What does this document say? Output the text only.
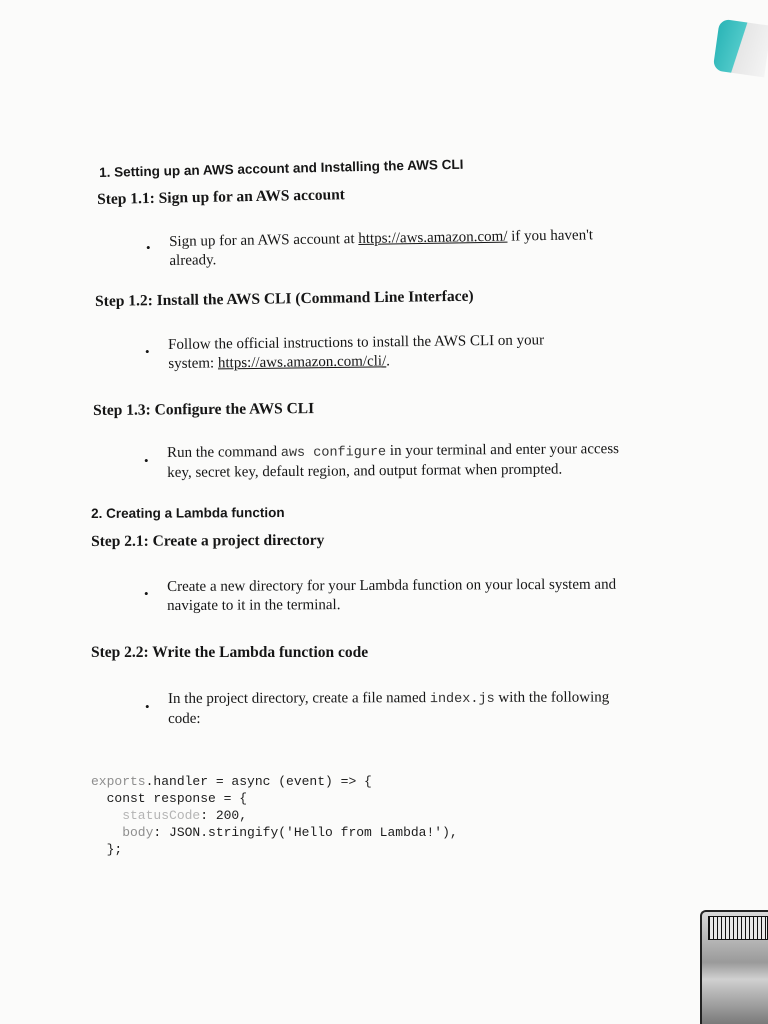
1. Setting up an AWS account and Installing the AWS CLI
Step 1.1: Sign up for an AWS account
• Sign up for an AWS account at https://aws.amazon.com/ if you haven't
already.
Step 1.2: Install the AWS CLI (Command Line Interface)
• Follow the official instructions to install the AWS CLI on your
system: https://aws.amazon.com/cli/.
Step 1.3: Configure the AWS CLI
• Run the command aws configure in your terminal and enter your access
key, secret key, default region, and output format when prompted.
2. Creating a Lambda function
Step 2.1: Create a project directory
• Create a new directory for your Lambda function on your local system and
navigate to it in the terminal.
Step 2.2: Write the Lambda function code
• In the project directory, create a file named index.js with the following
code:

exports.handler = async (event) => {
const response = {
statusCode: 200,
body: JSON.stringify('Hello from Lambda!'),
};
